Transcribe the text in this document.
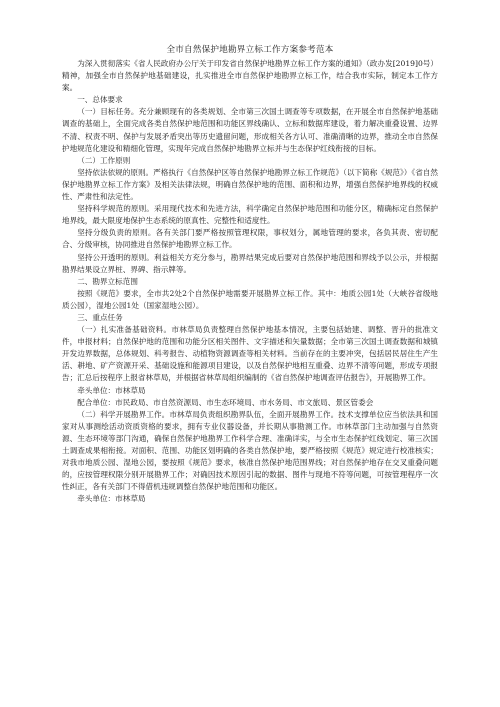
全市自然保护地勘界立标工作方案参考范本

为深入贯彻落实《省人民政府办公厅关于印发省自然保护地勘界立标工作方案的通知》（政办发[2019]0号）精神，加强全市自然保护地基础建设，扎实推进全市自然保护地勘界立标工作，结合我市实际，制定本工作方案。

一、总体要求

（一）目标任务。充分兼顾现有的各类规划、全市第三次国土调查等专项数据，在开展全市自然保护地基础调查的基础上，全面完成各类自然保护地范围和功能区界线确认、立标和数据库建设，着力解决重叠设置、边界不清、权责不明、保护与发展矛盾突出等历史遗留问题，形成相关各方认可、准确清晰的边界，推动全市自然保护地规范化建设和精细化管理，实现年完成自然保护地勘界立标并与生态保护红线衔接的目标。

（二）工作原则

坚持依法依规的原则。严格执行《自然保护区等自然保护地勘界立标工作规范》（以下简称《规范》）《省自然保护地勘界立标工作方案》及相关法律法规，明确自然保护地的范围、面积和边界，增强自然保护地界线的权威性、严肃性和法定性。

坚持科学规范的原则。采用现代技术和先进方法，科学确定自然保护地范围和功能分区，精确标定自然保护地界线，最大限度地保护生态系统的原真性、完整性和适度性。

坚持分级负责的原则。各有关部门要严格按照管理权限，事权划分，属地管理的要求，各负其责、密切配合、分级审核，协同推进自然保护地勘界立标工作。

坚持公开透明的原则。利益相关方充分参与，勘界结果完成后要对自然保护地范围和界线予以公示，并根据勘界结果设立界桩、界碑、指示牌等。

二、勘界立标范围

按照《规范》要求，全市共2处2个自然保护地需要开展勘界立标工作。其中：地质公园1处（大峡谷省级地质公园），湿地公园1处（国家湿地公园）。

三、重点任务

（一）扎实准备基础资料。市林草局负责整理自然保护地基本情况，主要包括始建、调整、晋升的批准文件，申报材料；自然保护地的范围和功能分区相关图件、文字描述和矢量数据；全市第三次国土调查数据和城镇开发边界数据，总体规划、科考报告、动植物资源调查等相关材料。当前存在的主要冲突，包括居民居住生产生活、耕地、矿产资源开采、基础设施和能源项目建设，以及自然保护地相互重叠、边界不清等问题，形成专项报告；汇总后按程序上报省林草局，并根据省林草局组织编制的《省自然保护地调查评估报告》，开展勘界工作。

牵头单位：市林草局

配合单位：市民政局、市自然资源局、市生态环境局、市水务局、市文旅局、景区管委会

（二）科学开展勘界工作。市林草局负责组织勘界队伍，全面开展勘界工作。技术支撑单位应当依法具和国家对从事测绘活动资质资格的要求，拥有专业仪器设备，并长期从事勘测工作。市林草部门主动加强与自然资源、生态环境等部门沟通，确保自然保护地勘界工作科学合理、准确详实，与全市生态保护红线划定、第三次国土调查成果相衔接。对面积、范围、功能区划明确的各类自然保护地，要严格按照《规范》规定进行校准核实；对我市地质公园、湿地公园，要按照《规范》要求，核准自然保护地范围界线；对自然保护地存在交叉重叠问题的，应按管理权限分别开展勘界工作；对确因技术原因引起的数据、图件与现地不符等问题，可按管理程序一次性纠正，各有关部门不得借机违规调整自然保护地范围和功能区。

牵头单位：市林草局
